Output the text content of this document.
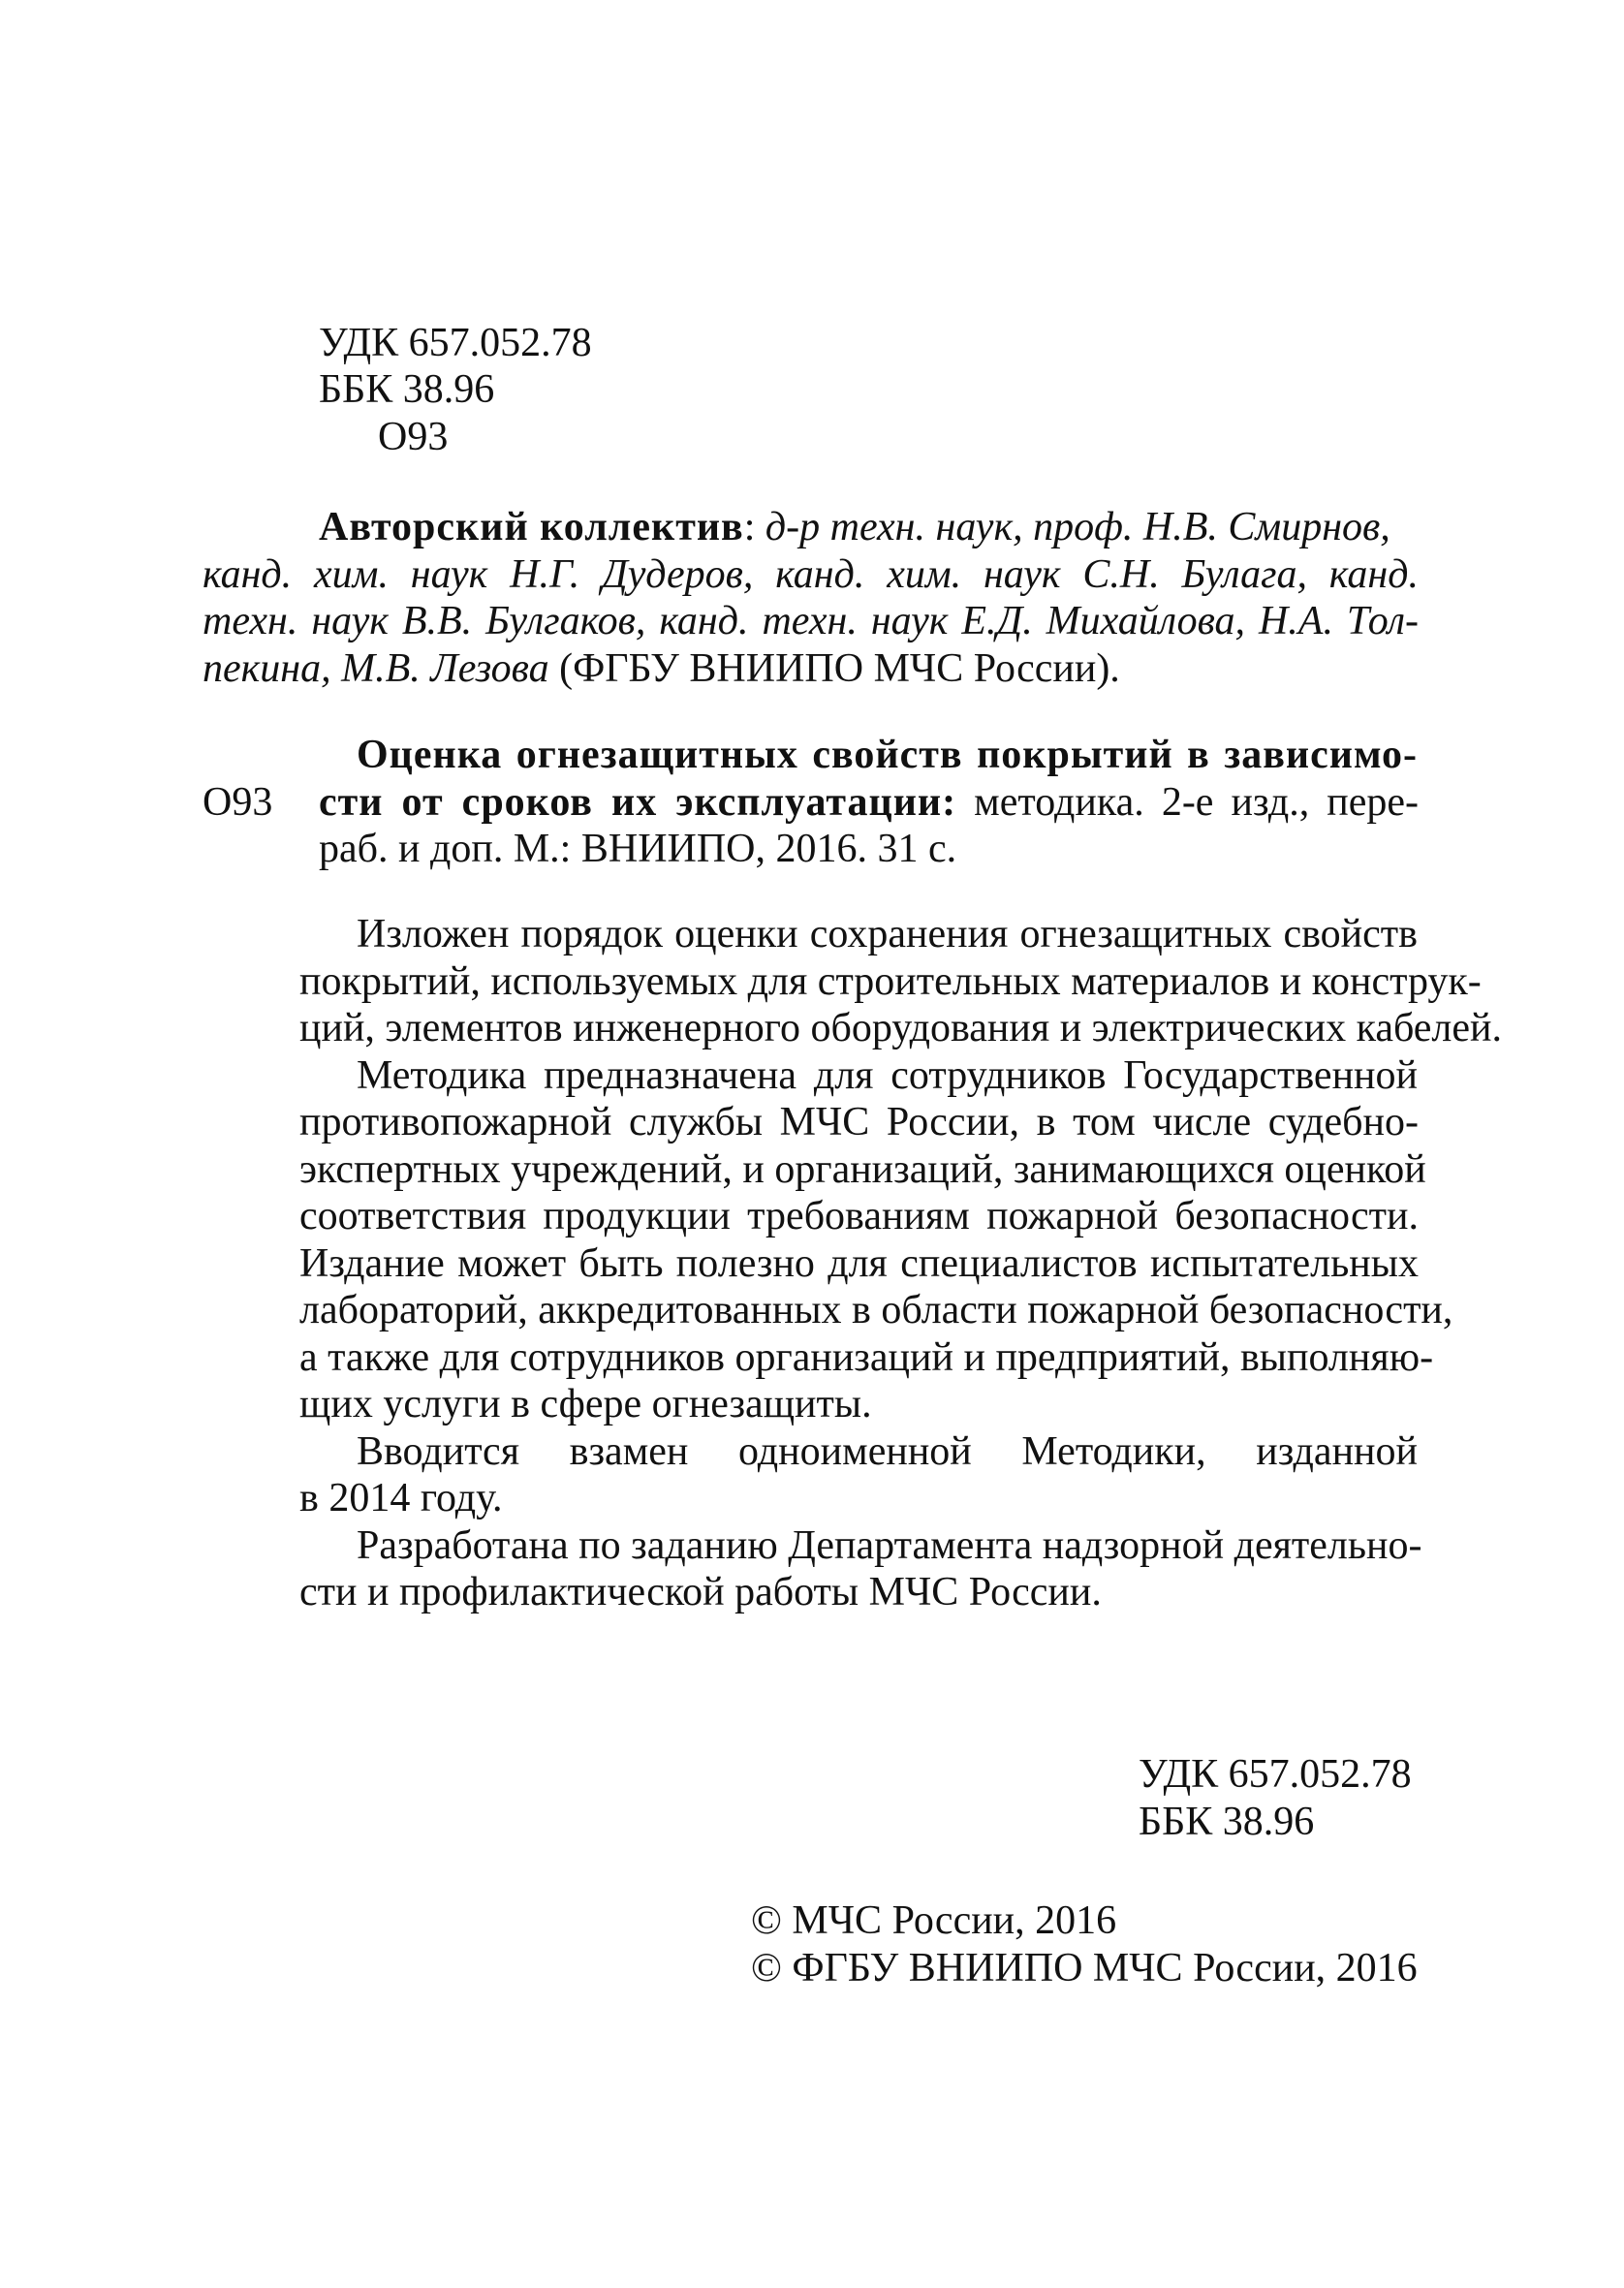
УДК 657.052.78
ББК 38.96
О93
Авторский коллектив: д-р техн. наук, проф. Н.В. Смирнов,
канд. хим. наук Н.Г. Дудеров, канд. хим. наук С.Н. Булага, канд.
техн. наук В.В. Булгаков, канд. техн. наук Е.Д. Михайлова, Н.А. Тол-
пекина, М.В. Лезова (ФГБУ ВНИИПО МЧС России).
Оценка огнезащитных свойств покрытий в зависимо-
О93 сти от сроков их эксплуатации: методика. 2-е изд., пере-
раб. и доп. М.: ВНИИПО, 2016. 31 с.
Изложен порядок оценки сохранения огнезащитных свойств
покрытий, используемых для строительных материалов и конструк-
ций, элементов инженерного оборудования и электрических кабелей.
Методика предназначена для сотрудников Государственной
противопожарной службы МЧС России, в том числе судебно-
экспертных учреждений, и организаций, занимающихся оценкой
соответствия продукции требованиям пожарной безопасности.
Издание может быть полезно для специалистов испытательных
лабораторий, аккредитованных в области пожарной безопасности,
а также для сотрудников организаций и предприятий, выполняю-
щих услуги в сфере огнезащиты.
Вводится взамен одноименной Методики, изданной
в 2014 году.
Разработана по заданию Департамента надзорной деятельно-
сти и профилактической работы МЧС России.
УДК 657.052.78
ББК 38.96
© МЧС России, 2016
© ФГБУ ВНИИПО МЧС России, 2016
